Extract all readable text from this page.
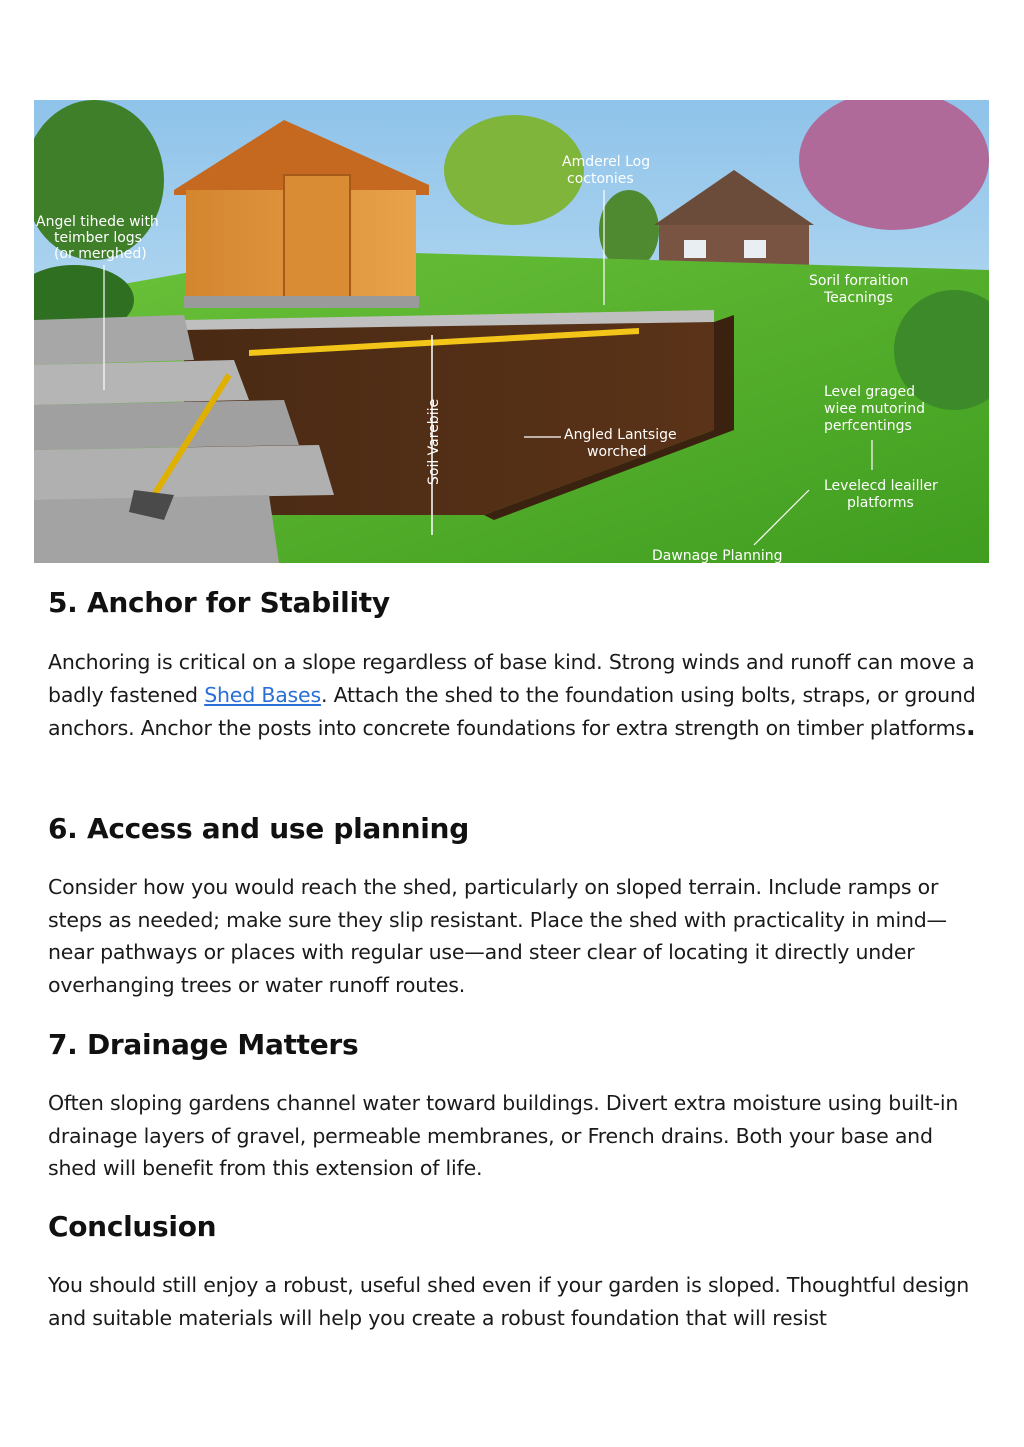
Angel tihede with
teimber logs
(or merghed)
Amderel Log
coctonies
Soril forraition
Teacnings
Soil Varebiie	Angled Lantsige
worched
Level graged
wiee mutorind
perfcentings
Levelecd leailler
platforms
Dawnage Planning
5. Anchor for Stability

Anchoring is critical on a slope regardless of base kind. Strong winds and runoff can move a badly fastened Shed Bases. Attach the shed to the foundation using bolts, straps, or ground anchors. Anchor the posts into concrete foundations for extra strength on timber platforms.

6. Access and use planning

Consider how you would reach the shed, particularly on sloped terrain. Include ramps or steps as needed; make sure they slip resistant. Place the shed with practicality in mind—near pathways or places with regular use—and steer clear of locating it directly under overhanging trees or water runoff routes.

7. Drainage Matters

Often sloping gardens channel water toward buildings. Divert extra moisture using built-in drainage layers of gravel, permeable membranes, or French drains. Both your base and shed will benefit from this extension of life.

Conclusion

You should still enjoy a robust, useful shed even if your garden is sloped. Thoughtful design and suitable materials will help you create a robust foundation that will resist
